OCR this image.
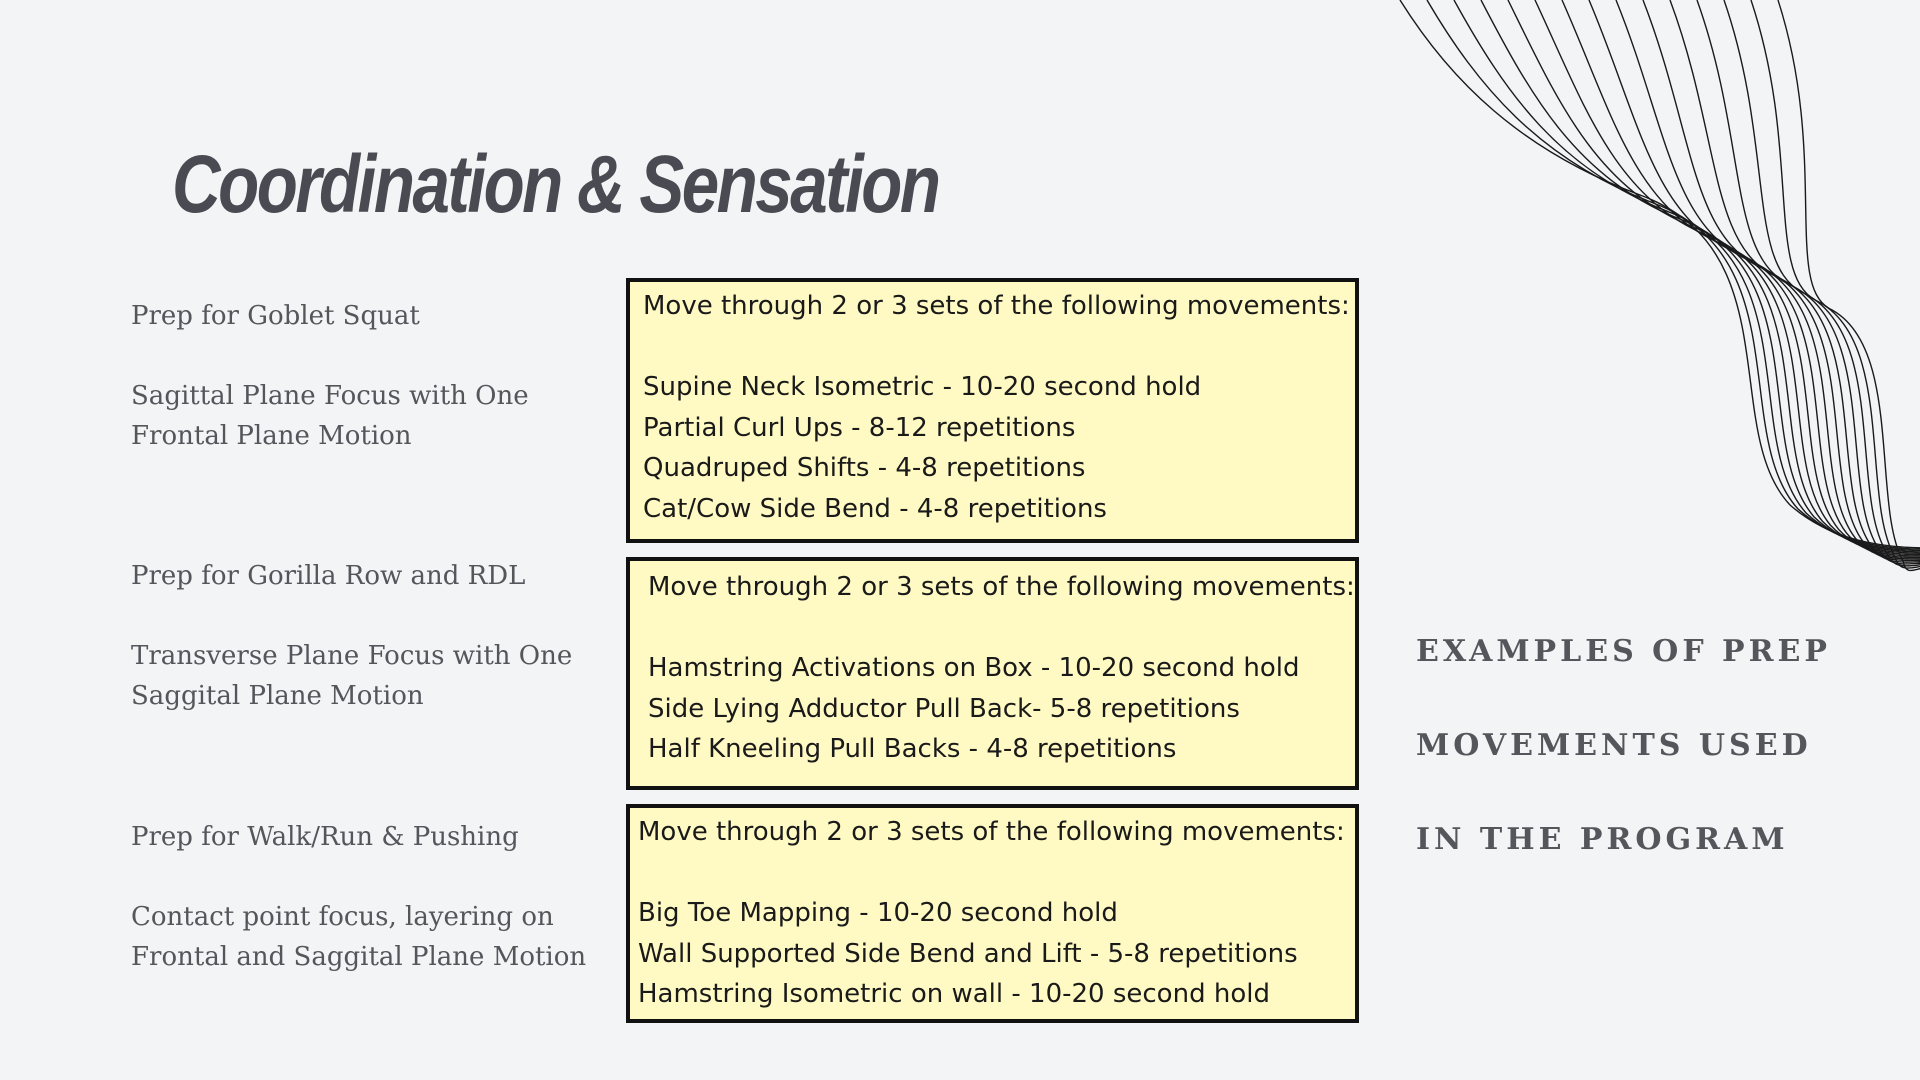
Coordination & Sensation
Prep for Goblet Squat
Sagittal Plane Focus with One
Frontal Plane Motion
Move through 2 or 3 sets of the following movements:
Supine Neck Isometric - 10-20 second hold
Partial Curl Ups - 8-12 repetitions
Quadruped Shifts - 4-8 repetitions
Cat/Cow Side Bend - 4-8 repetitions
Prep for Gorilla Row and RDL
Transverse Plane Focus with One
Saggital Plane Motion
Move through 2 or 3 sets of the following movements:
Hamstring Activations on Box - 10-20 second hold
Side Lying Adductor Pull Back- 5-8 repetitions
Half Kneeling Pull Backs - 4-8 repetitions
Prep for Walk/Run & Pushing
Contact point focus, layering on
Frontal and Saggital Plane Motion
Move through 2 or 3 sets of the following movements:
Big Toe Mapping - 10-20 second hold
Wall Supported Side Bend and Lift - 5-8 repetitions
Hamstring Isometric on wall - 10-20 second hold

EXAMPLES OF PREP

MOVEMENTS USED

IN THE PROGRAM
